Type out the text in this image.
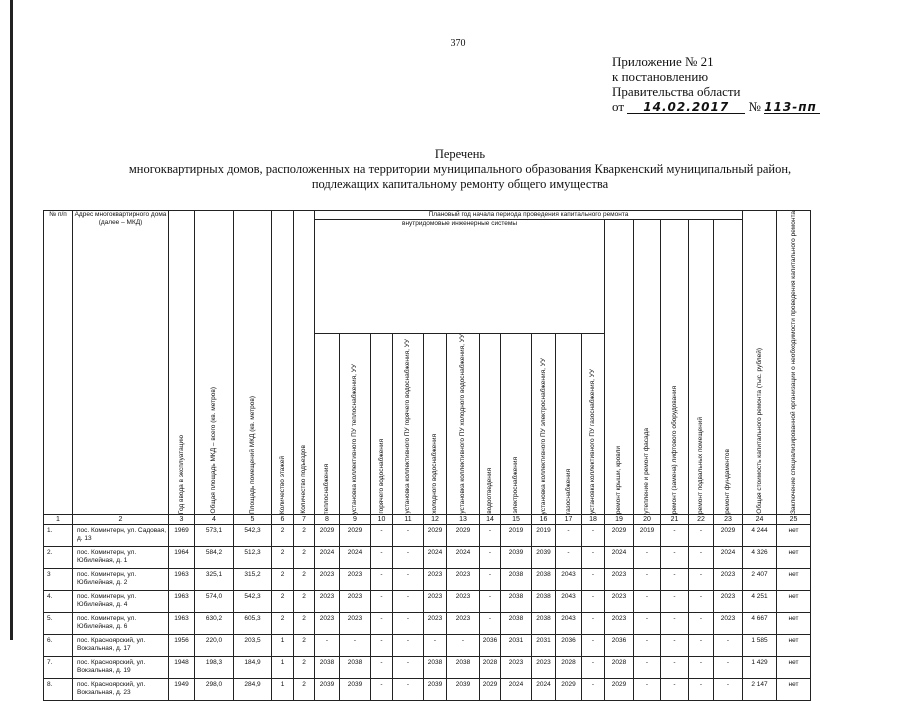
370
Приложение № 21
к постановлению
Правительства области
от 14.02.2017 № 113-пп
Перечень
многоквартирных домов, расположенных на территории муниципального образования Кваркенский муниципальный район,
подлежащих капитальному ремонту общего имущества
№ п/п	Адрес многоквартирного дома (далее – МКД)	Год ввода в эксплуатацию	Общая площадь МКД – всего (кв. метров)	Площадь помещений МКД (кв. метров)	Количество этажей	Количество подъездов	Плановый год начала периода проведения капитального ремонта																Общая стоимость капитального ремонта (тыс. рублей)	Заключение специализированной организации о необходимости проведения капитального ремонта

							внутридомовые инженерные системы											ремонт крыши, кровли	утепление и ремонт фасада	ремонт (замена) лифтового оборудования	ремонт подвальных помещений	ремонт фундаментов		

							теплоснабжения	установка коллективного ПУ теплоснабжения, УУ	горячего водоснабжения	установка коллективного ПУ горячего водоснабжения, УУ	холодного водоснабжения	установка коллективного ПУ холодного водоснабжения, УУ	водоотведения	электроснабжения	установка коллективного ПУ электроснабжения, УУ	газоснабжения	установка коллективного ПУ газоснабжения, УУ							

1	2	3	4	5	6	7	8	9	10	11	12	13	14	15	16	17	18	19	20	21	22	23	24	25
1.	пос. Коминтерн, ул. Садовая, д. 13	1969	573,1	542,3	2	2	2029	2029	-	-	2029	2029	-	2019	2019	-	-	2029	2019	-	-	2029	4 244	нет
2.	пос. Коминтерн, ул. Юбилейная, д. 1	1964	584,2	512,3	2	2	2024	2024	-	-	2024	2024	-	2039	2039	-	-	2024	-	-	-	2024	4 326	нет
3	пос. Коминтерн, ул. Юбилейная, д. 2	1963	325,1	315,2	2	2	2023	2023	-	-	2023	2023	-	2038	2038	2043	-	2023	-	-	-	2023	2 407	нет
4.	пос. Коминтерн, ул. Юбилейная, д. 4	1963	574,0	542,3	2	2	2023	2023	-	-	2023	2023	-	2038	2038	2043	-	2023	-	-	-	2023	4 251	нет
5.	пос. Коминтерн, ул. Юбилейная, д. 6	1963	630,2	605,3	2	2	2023	2023	-	-	2023	2023	-	2038	2038	2043	-	2023	-	-	-	2023	4 667	нет
6.	пос. Красноярский, ул. Вокзальная, д. 17	1956	220,0	203,5	1	2	-	-	-	-	-	-	2036	2031	2031	2036	-	2036	-	-	-	-	1 585	нет
7.	пос. Красноярский, ул. Вокзальная, д. 19	1948	198,3	184,9	1	2	2038	2038	-	-	2038	2038	2028	2023	2023	2028	-	2028	-	-	-	-	1 429	нет
8.	пос. Красноярский, ул. Вокзальная, д. 23	1949	298,0	284,9	1	2	2039	2039	-	-	2039	2039	2029	2024	2024	2029	-	2029	-	-	-	-	2 147	нет
